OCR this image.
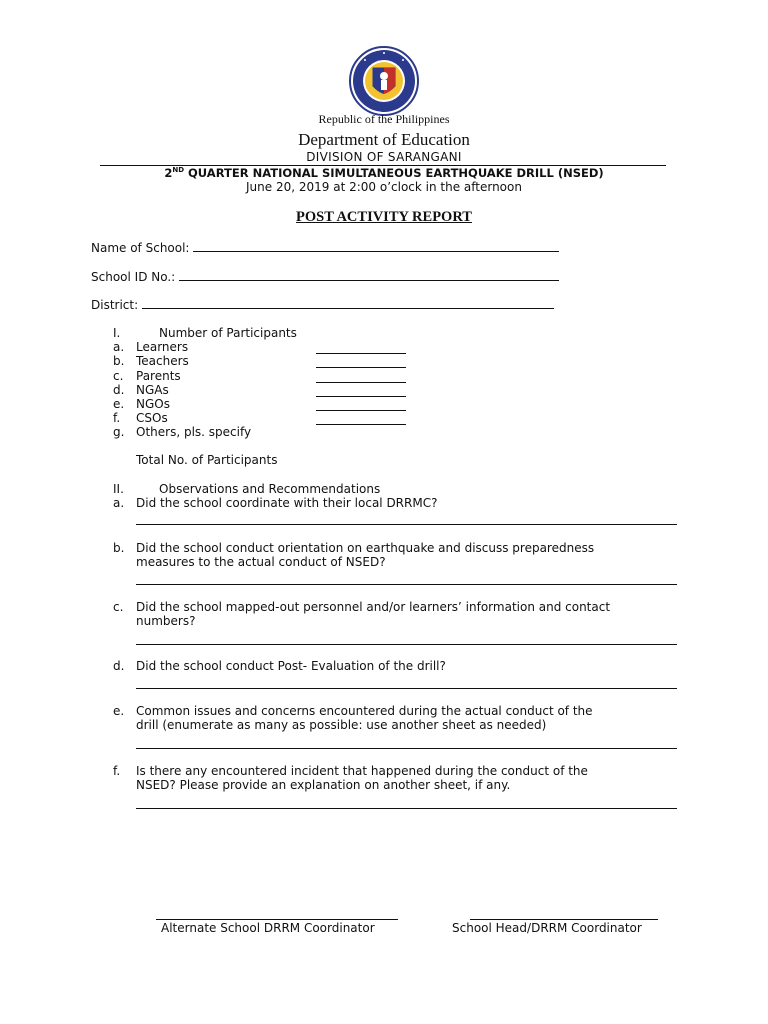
Republic of the Philippines
Department of Education
DIVISION OF SARANGANI
2ND QUARTER NATIONAL SIMULTANEOUS EARTHQUAKE DRILL (NSED)
June 20, 2019 at 2:00 o’clock in the afternoon
POST ACTIVITY REPORT
Name of School:
School ID No.:
District:
I.	Number of Participants
a. Learners
b. Teachers
c. Parents
d. NGAs
e. NGOs
f. CSOs
g. Others, pls. specify
Total No. of Participants
II.	Observations and Recommendations
a. Did the school coordinate with their local DRRMC?
b. Did the school conduct orientation on earthquake and discuss preparedness
measures to the actual conduct of NSED?
c. Did the school mapped-out personnel and/or learners’ information and contact
numbers?
d. Did the school conduct Post- Evaluation of the drill?
e. Common issues and concerns encountered during the actual conduct of the
drill (enumerate as many as possible: use another sheet as needed)
f. Is there any encountered incident that happened during the conduct of the
NSED? Please provide an explanation on another sheet, if any.
Alternate School DRRM Coordinator	School Head/DRRM Coordinator
